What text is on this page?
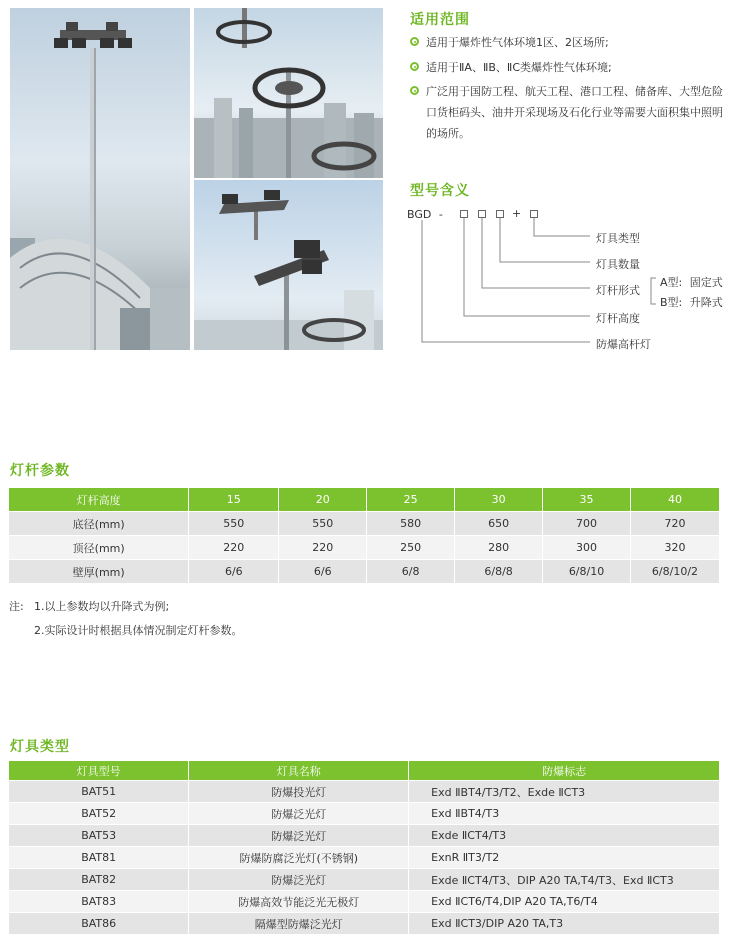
适用范围
适用于爆炸性气体环境1区、2区场所;
适用于ⅡA、ⅡB、ⅡC类爆炸性气体环境;
广泛用于国防工程、航天工程、港口工程、储备库、大型危险口货柜码头、油井开采现场及石化行业等需要大面积集中照明的场所。
型号含义
BGD -	+
灯具类型
灯具数量
灯杆形式
灯杆高度
防爆高杆灯
A型: 固定式
B型: 升降式
灯杆参数
灯杆高度	15	20	25	30	35	40
底径(mm)	550	550	580	650	700	720
顶径(mm)	220	220	250	280	300	320
壁厚(mm)	6/6	6/6	6/8	6/8/8	6/8/10	6/8/10/2
注: 1.以上参数均以升降式为例;
2.实际设计时根据具体情况制定灯杆参数。
灯具类型
灯具型号	灯具名称	防爆标志
BAT51	防爆投光灯	Exd ⅡBT4/T3/T2、Exde ⅡCT3
BAT52	防爆泛光灯	Exd ⅡBT4/T3
BAT53	防爆泛光灯	Exde ⅡCT4/T3
BAT81	防爆防腐泛光灯(不锈钢)	ExnR ⅡT3/T2
BAT82	防爆泛光灯	Exde ⅡCT4/T3、DIP A20 TA,T4/T3、Exd ⅡCT3
BAT83	防爆高效节能泛光无极灯	Exd ⅡCT6/T4,DIP A20 TA,T6/T4
BAT86	隔爆型防爆泛光灯	Exd ⅡCT3/DIP A20 TA,T3
